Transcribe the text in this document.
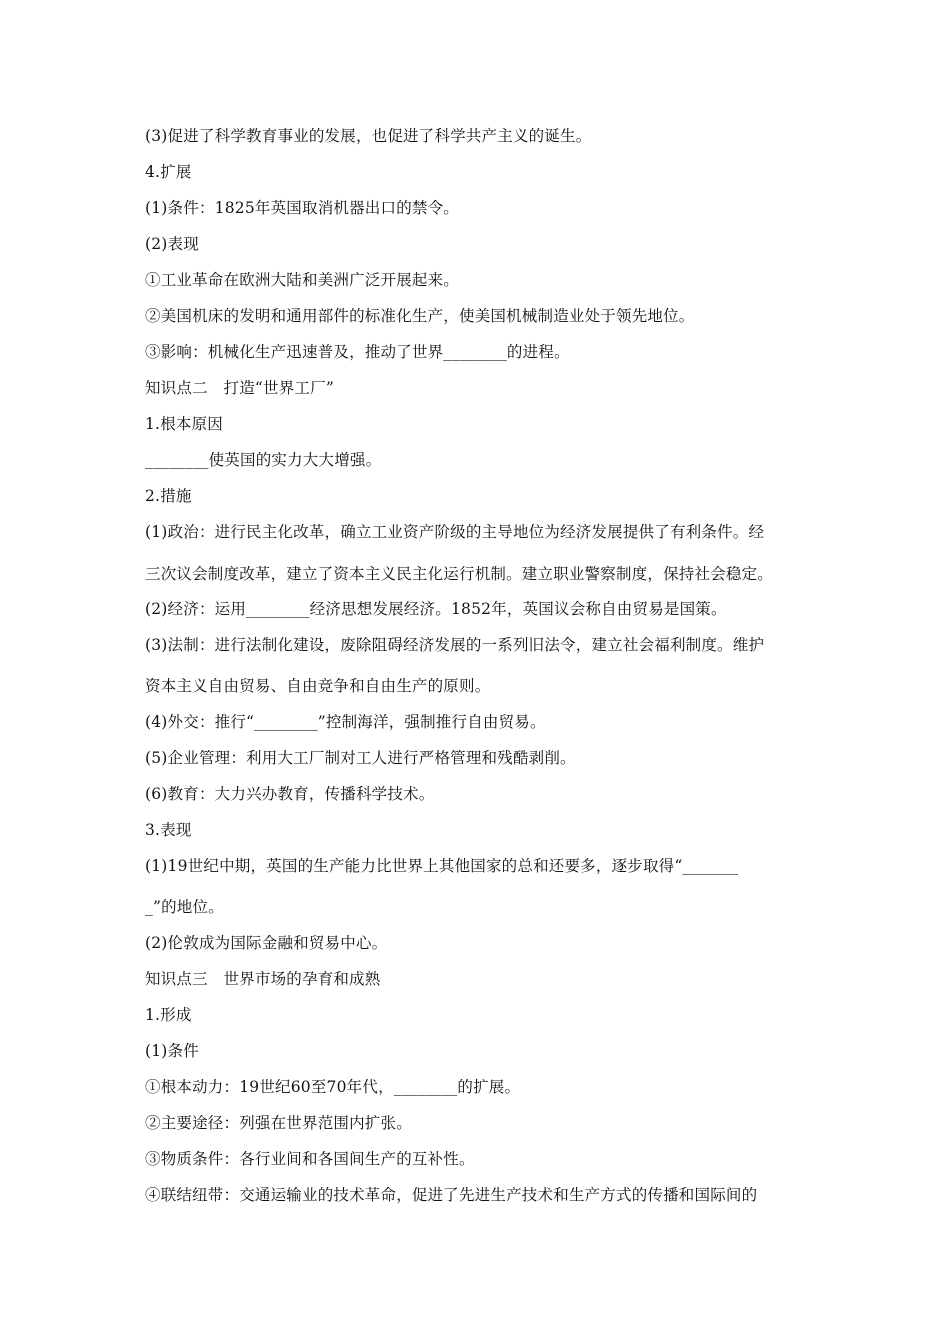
(3)促进了科学教育事业的发展，也促进了科学共产主义的诞生。
4.扩展
(1)条件：1825年英国取消机器出口的禁令。
(2)表现
①工业革命在欧洲大陆和美洲广泛开展起来。
②美国机床的发明和通用部件的标准化生产，使美国机械制造业处于领先地位。
③影响：机械化生产迅速普及，推动了世界________的进程。
知识点二　打造“世界工厂”
1.根本原因
________使英国的实力大大增强。
2.措施
(1)政治：进行民主化改革，确立工业资产阶级的主导地位为经济发展提供了有利条件。经
三次议会制度改革，建立了资本主义民主化运行机制。建立职业警察制度，保持社会稳定。
(2)经济：运用________经济思想发展经济。1852年，英国议会称自由贸易是国策。
(3)法制：进行法制化建设，废除阻碍经济发展的一系列旧法令，建立社会福利制度。维护
资本主义自由贸易、自由竞争和自由生产的原则。
(4)外交：推行“________”控制海洋，强制推行自由贸易。
(5)企业管理：利用大工厂制对工人进行严格管理和残酷剥削。
(6)教育：大力兴办教育，传播科学技术。
3.表现
(1)19世纪中期，英国的生产能力比世界上其他国家的总和还要多，逐步取得“_______
_”的地位。
(2)伦敦成为国际金融和贸易中心。
知识点三　世界市场的孕育和成熟
1.形成
(1)条件
①根本动力：19世纪60至70年代，________的扩展。
②主要途径：列强在世界范围内扩张。
③物质条件：各行业间和各国间生产的互补性。
④联结纽带：交通运输业的技术革命，促进了先进生产技术和生产方式的传播和国际间的
